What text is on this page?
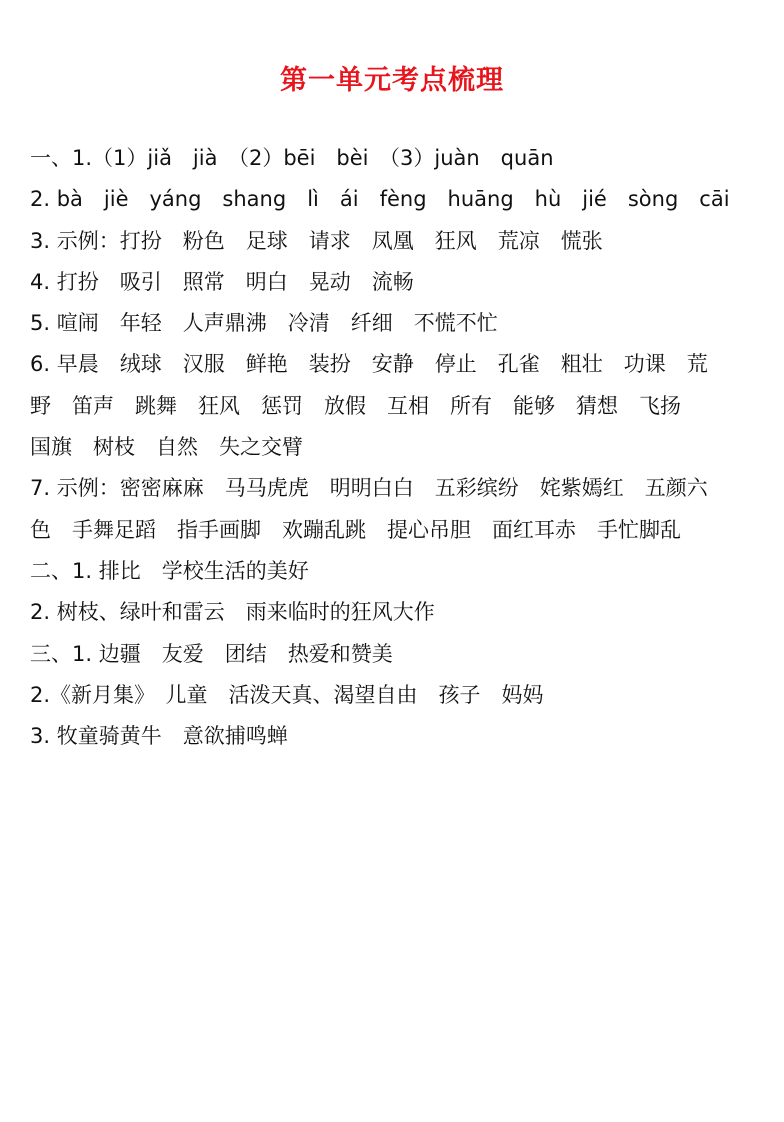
第一单元考点梳理
一、1.（1）jiǎ　jià　（2）bēi　bèi　（3）juàn　quān
2. bà　jiè　yáng　shang　lì　ái　fèng　huāng　hù　jié　sòng　cāi
3. 示例：打扮　粉色　足球　请求　凤凰　狂风　荒凉　慌张
4. 打扮　吸引　照常　明白　晃动　流畅
5. 喧闹　年轻　人声鼎沸　冷清　纤细　不慌不忙
6. 早晨　绒球　汉服　鲜艳　装扮　安静　停止　孔雀　粗壮　功课　荒
野　笛声　跳舞　狂风　惩罚　放假　互相　所有　能够　猜想　飞扬
国旗　树枝　自然　失之交臂
7. 示例：密密麻麻　马马虎虎　明明白白　五彩缤纷　姹紫嫣红　五颜六
色　手舞足蹈　指手画脚　欢蹦乱跳　提心吊胆　面红耳赤　手忙脚乱
二、1. 排比　学校生活的美好
2. 树枝、绿叶和雷云　雨来临时的狂风大作
三、1. 边疆　友爱　团结　热爱和赞美
2.《新月集》　儿童　活泼天真、渴望自由　孩子　妈妈
3. 牧童骑黄牛　意欲捕鸣蝉
